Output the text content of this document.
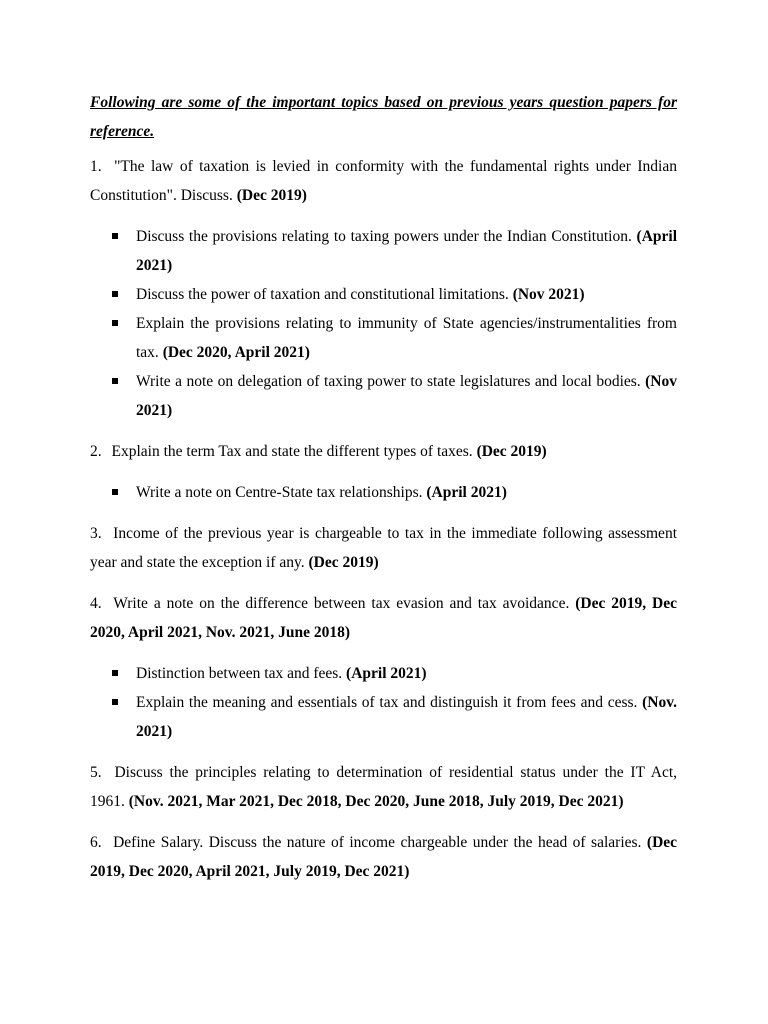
Following are some of the important topics based on previous years question papers for reference.

1. "The law of taxation is levied in conformity with the fundamental rights under Indian Constitution". Discuss. (Dec 2019)

Discuss the provisions relating to taxing powers under the Indian Constitution. (April 2021)
Discuss the power of taxation and constitutional limitations. (Nov 2021)
Explain the provisions relating to immunity of State agencies/instrumentalities from tax. (Dec 2020, April 2021)
Write a note on delegation of taxing power to state legislatures and local bodies. (Nov 2021)

2. Explain the term Tax and state the different types of taxes. (Dec 2019)

Write a note on Centre-State tax relationships. (April 2021)

3. Income of the previous year is chargeable to tax in the immediate following assessment year and state the exception if any. (Dec 2019)

4. Write a note on the difference between tax evasion and tax avoidance. (Dec 2019, Dec 2020, April 2021, Nov. 2021, June 2018)

Distinction between tax and fees. (April 2021)
Explain the meaning and essentials of tax and distinguish it from fees and cess. (Nov. 2021)

5. Discuss the principles relating to determination of residential status under the IT Act, 1961. (Nov. 2021, Mar 2021, Dec 2018, Dec 2020, June 2018, July 2019, Dec 2021)

6. Define Salary. Discuss the nature of income chargeable under the head of salaries. (Dec 2019, Dec 2020, April 2021, July 2019, Dec 2021)
